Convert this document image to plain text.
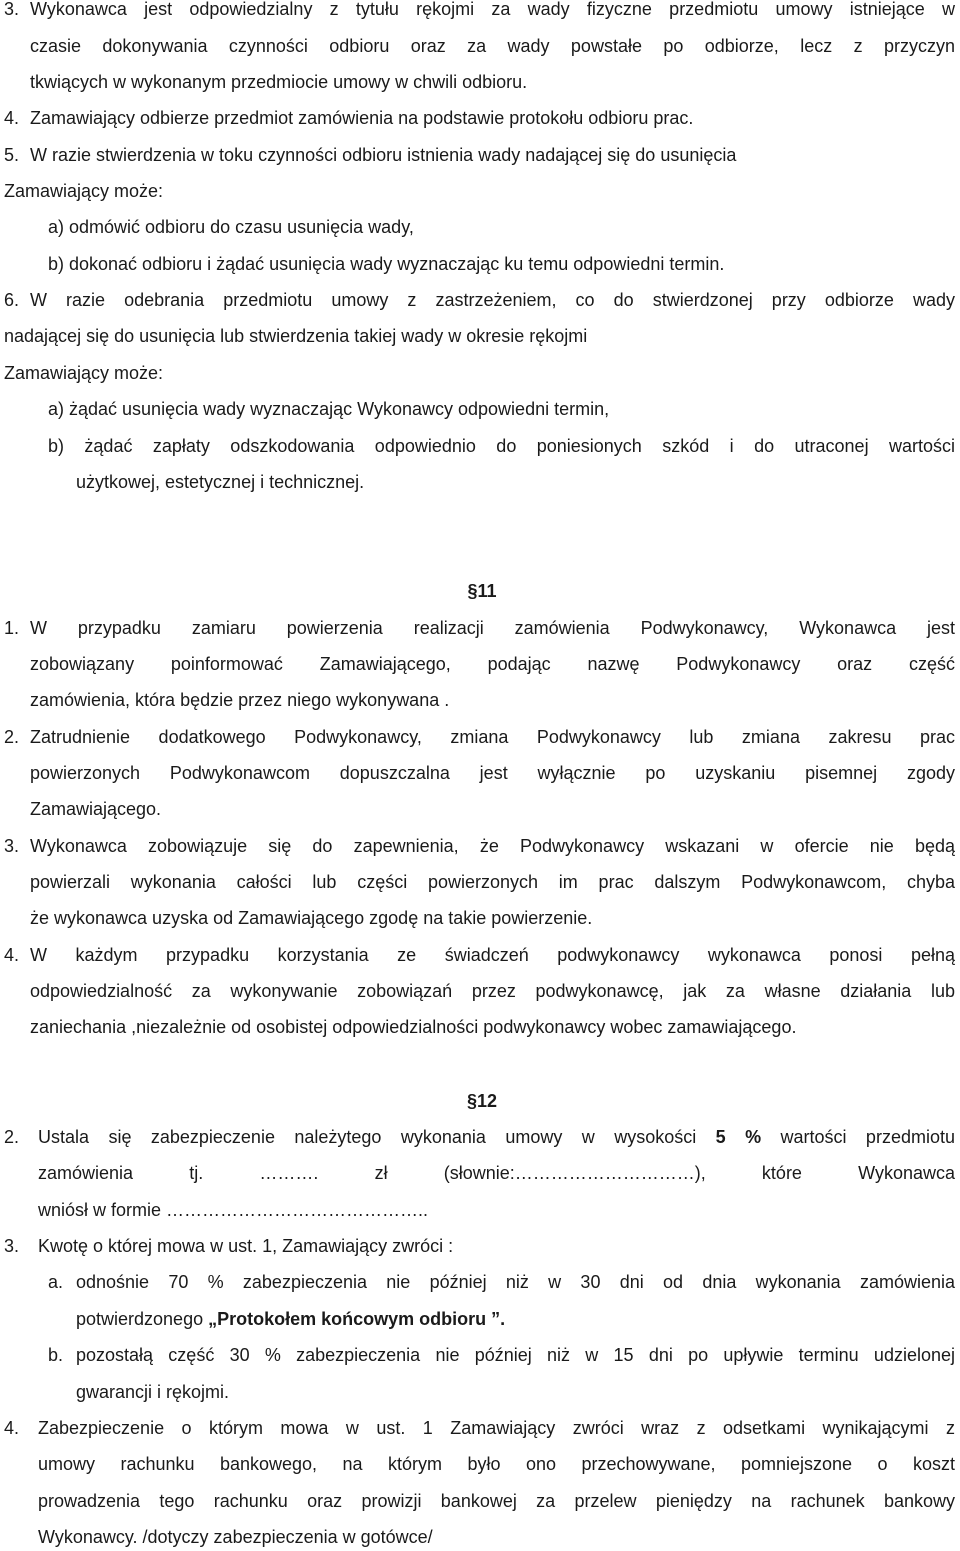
3. Wykonawca jest odpowiedzialny z tytułu rękojmi za wady fizyczne przedmiotu umowy istniejące w
czasie dokonywania czynności odbioru oraz za wady powstałe po odbiorze, lecz z przyczyn
tkwiących w wykonanym przedmiocie umowy w chwili odbioru.
4. Zamawiający odbierze przedmiot zamówienia na podstawie protokołu odbioru prac.
5. W razie stwierdzenia w toku czynności odbioru istnienia wady nadającej się do usunięcia
Zamawiający może:
a) odmówić odbioru do czasu usunięcia wady,
b) dokonać odbioru i żądać usunięcia wady wyznaczając ku temu odpowiedni termin.
6. W razie odebrania przedmiotu umowy z zastrzeżeniem, co do stwierdzonej przy odbiorze wady
nadającej się do usunięcia lub stwierdzenia takiej wady w okresie rękojmi
Zamawiający może:
a) żądać usunięcia wady wyznaczając Wykonawcy odpowiedni termin,
b) żądać zapłaty odszkodowania odpowiednio do poniesionych szkód i do utraconej wartości
użytkowej, estetycznej i technicznej.
§11
1. W przypadku zamiaru powierzenia realizacji zamówienia Podwykonawcy, Wykonawca jest
zobowiązany poinformować Zamawiającego, podając nazwę Podwykonawcy oraz część
zamówienia, która będzie przez niego wykonywana .
2. Zatrudnienie dodatkowego Podwykonawcy, zmiana Podwykonawcy lub zmiana zakresu prac
powierzonych Podwykonawcom dopuszczalna jest wyłącznie po uzyskaniu pisemnej zgody
Zamawiającego.
3. Wykonawca zobowiązuje się do zapewnienia, że Podwykonawcy wskazani w ofercie nie będą
powierzali wykonania całości lub części powierzonych im prac dalszym Podwykonawcom, chyba
że wykonawca uzyska od Zamawiającego zgodę na takie powierzenie.
4. W każdym przypadku korzystania ze świadczeń podwykonawcy wykonawca ponosi pełną
odpowiedzialność za wykonywanie zobowiązań przez podwykonawcę, jak za własne działania lub
zaniechania ,niezależnie od osobistej odpowiedzialności podwykonawcy wobec zamawiającego.
§12
2. Ustala się zabezpieczenie należytego wykonania umowy w wysokości 5 % wartości przedmiotu
zamówienia tj. ………. zł (słownie:…………………………), które Wykonawca
wniósł w formie ……………………………………..
3. Kwotę o której mowa w ust. 1, Zamawiający zwróci :
a. odnośnie 70 % zabezpieczenia nie później niż w 30 dni od dnia wykonania zamówienia
potwierdzonego „Protokołem końcowym odbioru ”.
b. pozostałą część 30 % zabezpieczenia nie później niż w 15 dni po upływie terminu udzielonej
gwarancji i rękojmi.
4. Zabezpieczenie o którym mowa w ust. 1 Zamawiający zwróci wraz z odsetkami wynikającymi z
umowy rachunku bankowego, na którym było ono przechowywane, pomniejszone o koszt
prowadzenia tego rachunku oraz prowizji bankowej za przelew pieniędzy na rachunek bankowy
Wykonawcy. /dotyczy zabezpieczenia w gotówce/
